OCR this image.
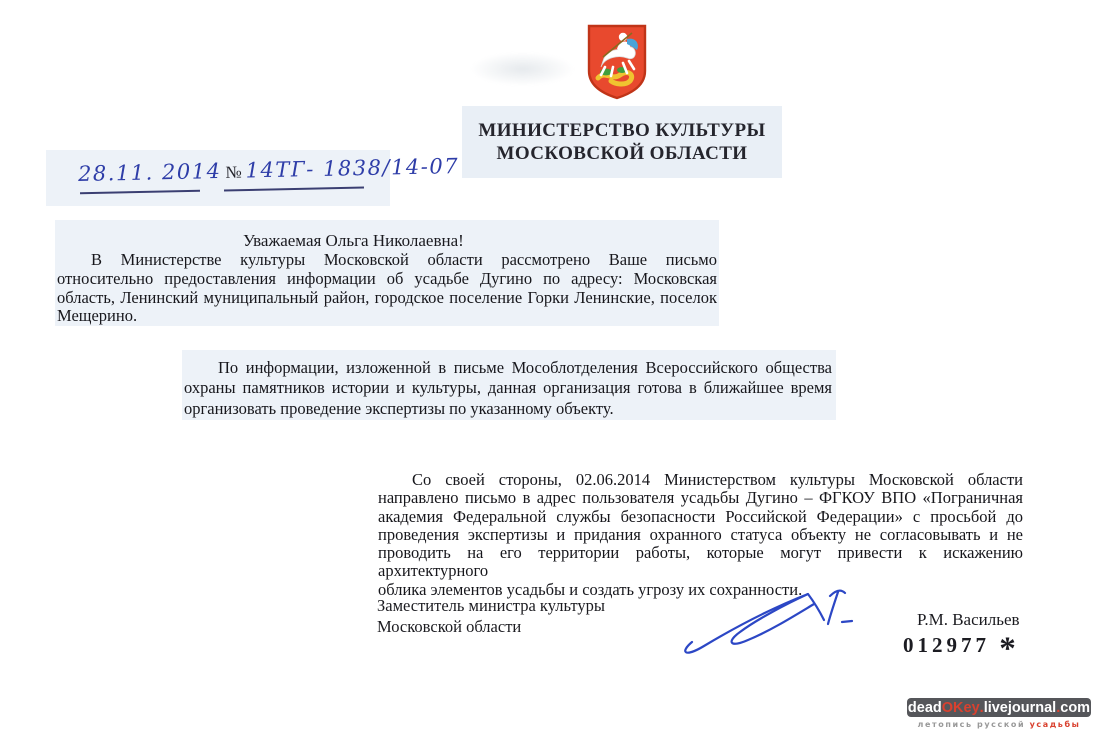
МИНИСТЕРСТВО КУЛЬТУРЫ
МОСКОВСКОЙ ОБЛАСТИ
28.11. 2014 № 14ТГ- 1838/14-07
Уважаемая Ольга Николаевна!
В Министерстве культуры Московской области рассмотрено Ваше письмо
относительно предоставления информации об усадьбе Дугино по адресу: Московская
область, Ленинский муниципальный район, городское поселение Горки Ленинские, поселок
Мещерино.
По информации, изложенной в письме Мособлотделения Всероссийского общества
охраны памятников истории и культуры, данная организация готова в ближайшее время
организовать проведение экспертизы по указанному объекту.
Со своей стороны, 02.06.2014 Министерством культуры Московской области
направлено письмо в адрес пользователя усадьбы Дугино – ФГКОУ ВПО «Пограничная
академия Федеральной службы безопасности Российской Федерации» с просьбой до
проведения экспертизы и придания охранного статуса объекту не согласовывать и не
проводить на его территории работы, которые могут привести к искажению архитектурного
облика элементов усадьбы и создать угрозу их сохранности.
Заместитель министра культуры
Московской области	Р.М. Васильев
012977 *
dead OKey . livejournal . com
летопись русской усадьбы
